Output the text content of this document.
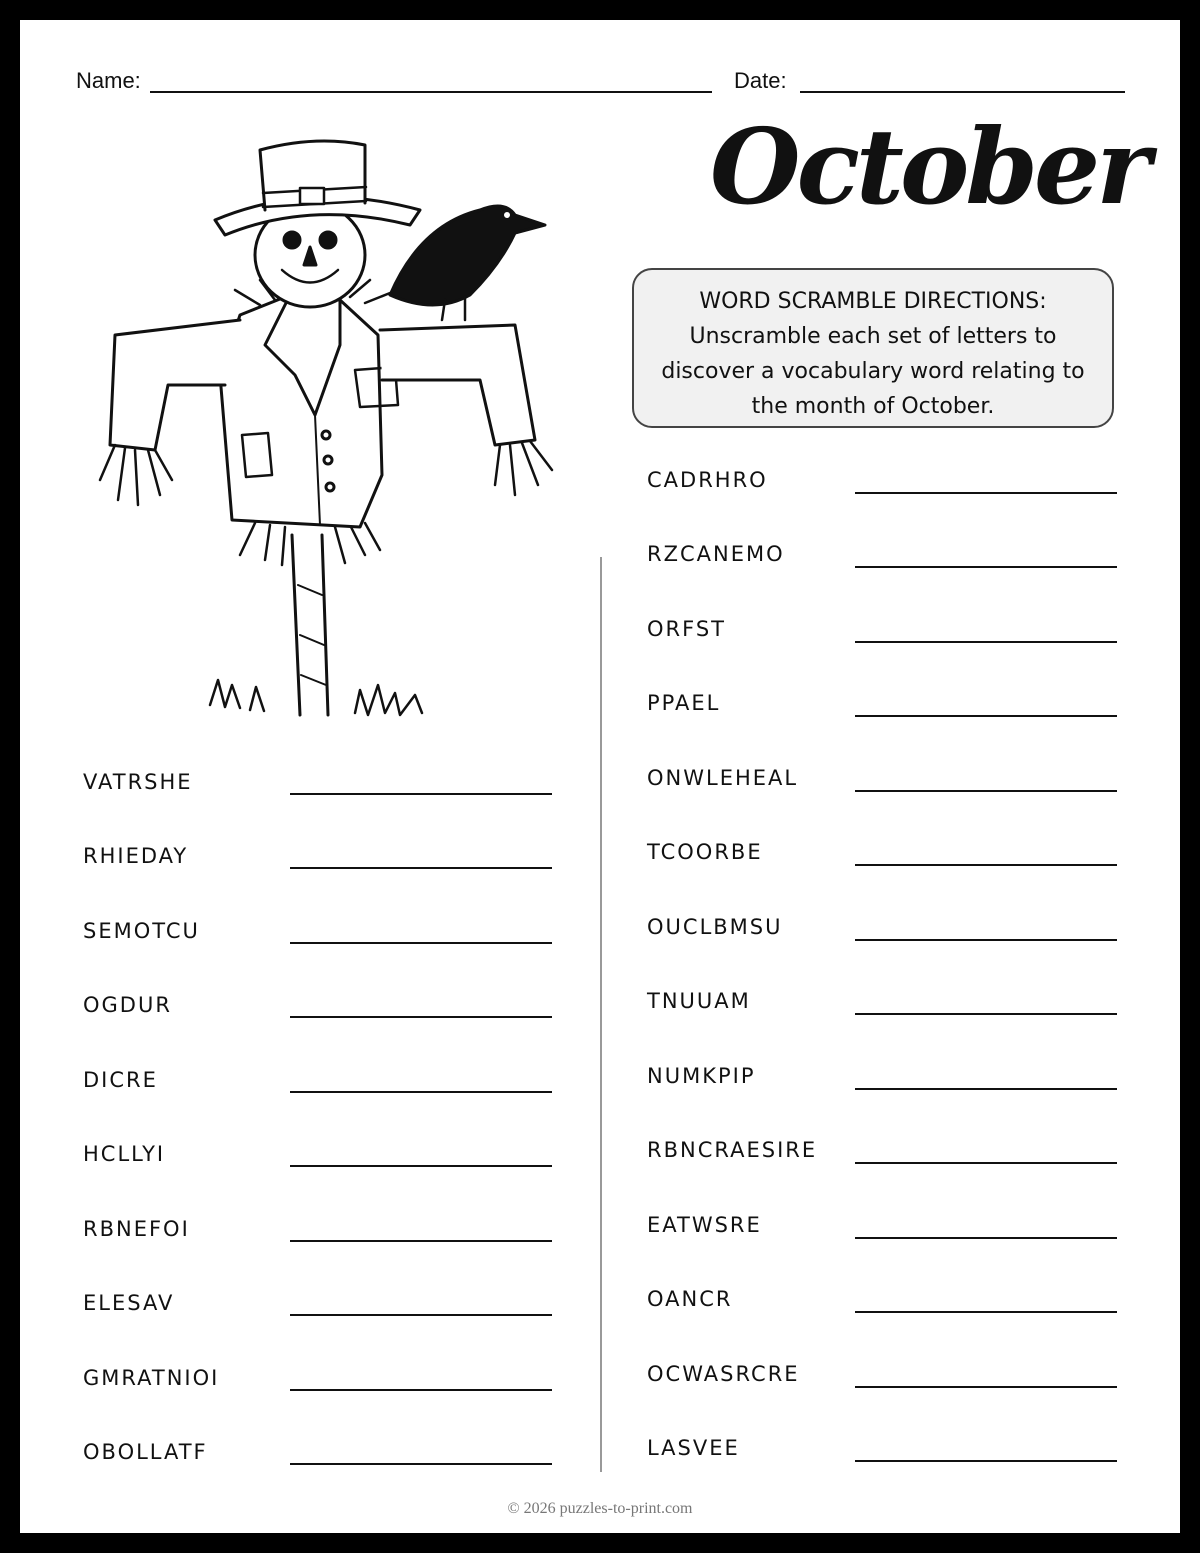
Name:	Date:
October
WORD SCRAMBLE DIRECTIONS:
Unscramble each set of letters to
discover a vocabulary word relating to
the month of October.
VATRSHE
RHIEDAY
SEMOTCU
OGDUR
DICRE
HCLLYI
RBNEFOI
ELESAV
GMRATNIOI
OBOLLATF
CADRHRO
RZCANEMO
ORFST
PPAEL
ONWLEHEAL
TCOORBE
OUCLBMSU
TNUUAM
NUMKPIP
RBNCRAESIRE
EATWSRE
OANCR
OCWASRCRE
LASVEE
© 2026 puzzles-to-print.com
